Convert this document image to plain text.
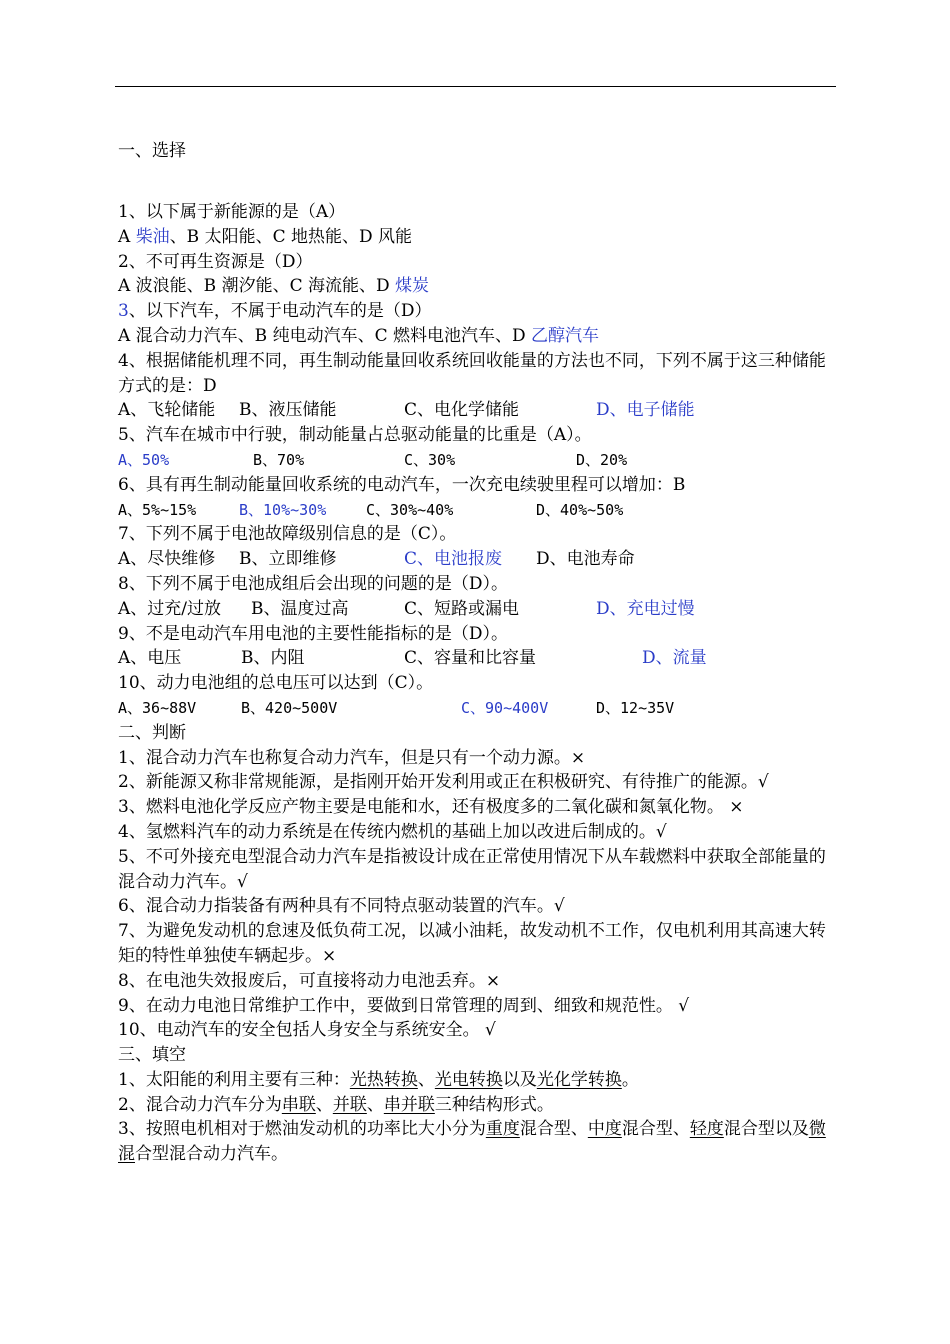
一、选择
1、以下属于新能源的是（A）
A 柴油、B 太阳能、C 地热能、D 风能
2、不可再生资源是（D）
A 波浪能、B 潮汐能、C 海流能、D 煤炭
3、以下汽车，不属于电动汽车的是（D）
A 混合动力汽车、B 纯电动汽车、C 燃料电池汽车、D 乙醇汽车
4、根据储能机理不同，再生制动能量回收系统回收能量的方法也不同，下列不属于这三种储能方式的是：D
A、飞轮储能 B、液压储能	C、电化学储能	D、电子储能
5、汽车在城市中行驶，制动能量占总驱动能量的比重是（A）。
A、50%	B、70%	C、30%	D、20%
6、具有再生制动能量回收系统的电动汽车，一次充电续驶里程可以增加：B
A、5%~15%	B、10%~30%	C、30%~40%	D、40%~50%
7、下列不属于电池故障级别信息的是（C）。
A、尽快维修 B、立即维修	C、电池报废 D、电池寿命
8、下列不属于电池成组后会出现的问题的是（D）。
A、过充/过放 B、温度过高	C、短路或漏电	D、充电过慢
9、不是电动汽车用电池的主要性能指标的是（D）。
A、电压	B、内阻	C、容量和比容量	D、流量
10、动力电池组的总电压可以达到（C）。
A、36~88V	B、420~500V	C、90~400V	D、12~35V
二、判断
1、混合动力汽车也称复合动力汽车，但是只有一个动力源。×
2、新能源又称非常规能源，是指刚开始开发利用或正在积极研究、有待推广的能源。√
3、燃料电池化学反应产物主要是电能和水，还有极度多的二氧化碳和氮氧化物。 ×
4、氢燃料汽车的动力系统是在传统内燃机的基础上加以改进后制成的。√
5、不可外接充电型混合动力汽车是指被设计成在正常使用情况下从车载燃料中获取全部能量的混合动力汽车。√
6、混合动力指装备有两种具有不同特点驱动装置的汽车。√
7、为避免发动机的怠速及低负荷工况，以减小油耗，故发动机不工作，仅电机利用其高速大转矩的特性单独使车辆起步。×
8、在电池失效报废后，可直接将动力电池丢弃。×
9、在动力电池日常维护工作中，要做到日常管理的周到、细致和规范性。 √
10、电动汽车的安全包括人身安全与系统安全。 √
三、填空
1、太阳能的利用主要有三种：光热转换、光电转换以及光化学转换。
2、混合动力汽车分为串联、并联、串并联三种结构形式。
3、按照电机相对于燃油发动机的功率比大小分为重度混合型、中度混合型、轻度混合型以及微混合型混合动力汽车。
